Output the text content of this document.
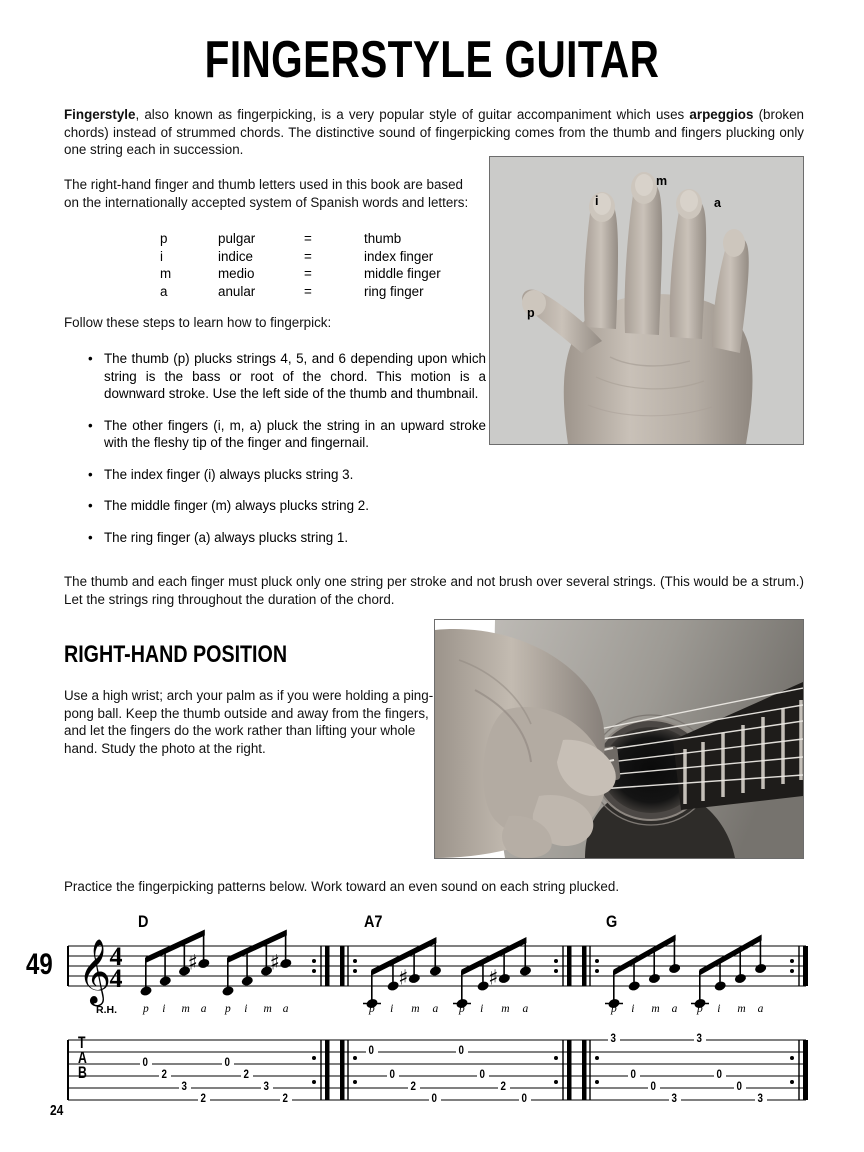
FINGERSTYLE GUITAR
Fingerstyle, also known as fingerpicking, is a very popular style of guitar accompaniment which uses arpeggios (broken chords) instead of strummed chords. The distinctive sound of fingerpicking comes from the thumb and fingers plucking only one string each in succession.
The right-hand finger and thumb letters used in this book are based on the internationally accepted system of Spanish words and letters:
p	pulgar	=	thumb
i	indice	=	index finger
m	medio	=	middle finger
a	anular	=	ring finger
Follow these steps to learn how to fingerpick:
• The thumb (p) plucks strings 4, 5, and 6 depending upon which string is the bass or root of the chord. This motion is a downward stroke. Use the left side of the thumb and thumbnail.
• The other fingers (i, m, a) pluck the string in an upward stroke with the fleshy tip of the finger and fingernail.
• The index finger (i) always plucks string 3.
• The middle finger (m) always plucks string 2.
• The ring finger (a) always plucks string 1.
The thumb and each finger must pluck only one string per stroke and not brush over several strings. (This would be a strum.) Let the strings ring throughout the duration of the chord.
RIGHT-HAND POSITION
Use a high wrist; arch your palm as if you were holding a ping-pong ball. Keep the thumb outside and away from the fingers, and let the fingers do the work rather than lifting your whole hand. Study the photo at the right.
p
i
m
a
Practice the fingerpicking patterns below. Work toward an even sound on each string plucked.
49 𝄞
4
4
♯	♯
♯	♯
24
D
p i m a p i m a
0
2
3
2
0
2
3
2
A7
p i m a p i m a
0
0
2
0
0
0
2
0
G
p i m a p i m a
3
0
0
3
3
0
0
3
R.H.
T
A
B
